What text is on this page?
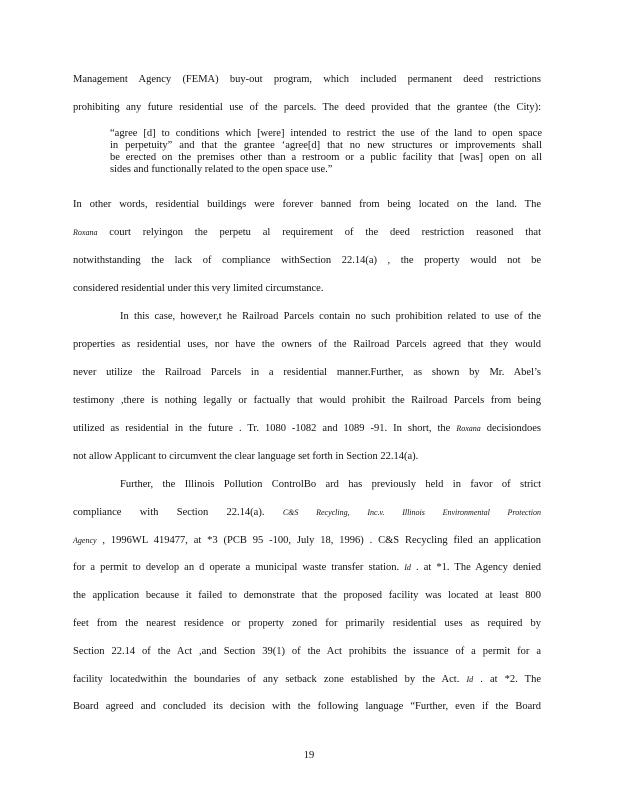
Management Agency (FEMA) buy-out program, which included permanent deed restrictions
prohibiting any future residential use of the parcels. The deed provided that the grantee (the City):
“agree [d] to conditions which [were] intended to restrict the use of the land to open space
in perpetuity” and that the grantee ‘agree[d] that no new structures or improvements shall
be erected on the premises other than a restroom or a public facility that [was] open on all
sides and functionally related to the open space use.”
In other words, residential buildings were forever banned from being located on the land. The
Roxana court relyingon the perpetu al requirement of the deed restriction reasoned that
notwithstanding the lack of compliance withSection 22.14(a) , the property would not be
considered residential under this very limited circumstance.
In this case, however,t he Railroad Parcels contain no such prohibition related to use of the
properties as residential uses, nor have the owners of the Railroad Parcels agreed that they would
never utilize the Railroad Parcels in a residential manner.Further, as shown by Mr. Abel’s
testimony ,there is nothing legally or factually that would prohibit the Railroad Parcels from being
utilized as residential in the future . Tr. 1080 -1082 and 1089 -91. In short, the Roxana decisiondoes
not allow Applicant to circumvent the clear language set forth in Section 22.14(a).
Further, the Illinois Pollution ControlBo ard has previously held in favor of strict
compliance with Section 22.14(a). C&S Recycling, Inc.v. Illinois Environmental Protection
Agency , 1996WL 419477, at *3 (PCB 95 -100, July 18, 1996) . C&S Recycling filed an application
for a permit to develop an d operate a municipal waste transfer station. Id . at *1. The Agency denied
the application because it failed to demonstrate that the proposed facility was located at least 800
feet from the nearest residence or property zoned for primarily residential uses as required by
Section 22.14 of the Act ,and Section 39(1) of the Act prohibits the issuance of a permit for a
facility locatedwithin the boundaries of any setback zone established by the Act. Id . at *2. The
Board agreed and concluded its decision with the following language “Further, even if the Board
19
